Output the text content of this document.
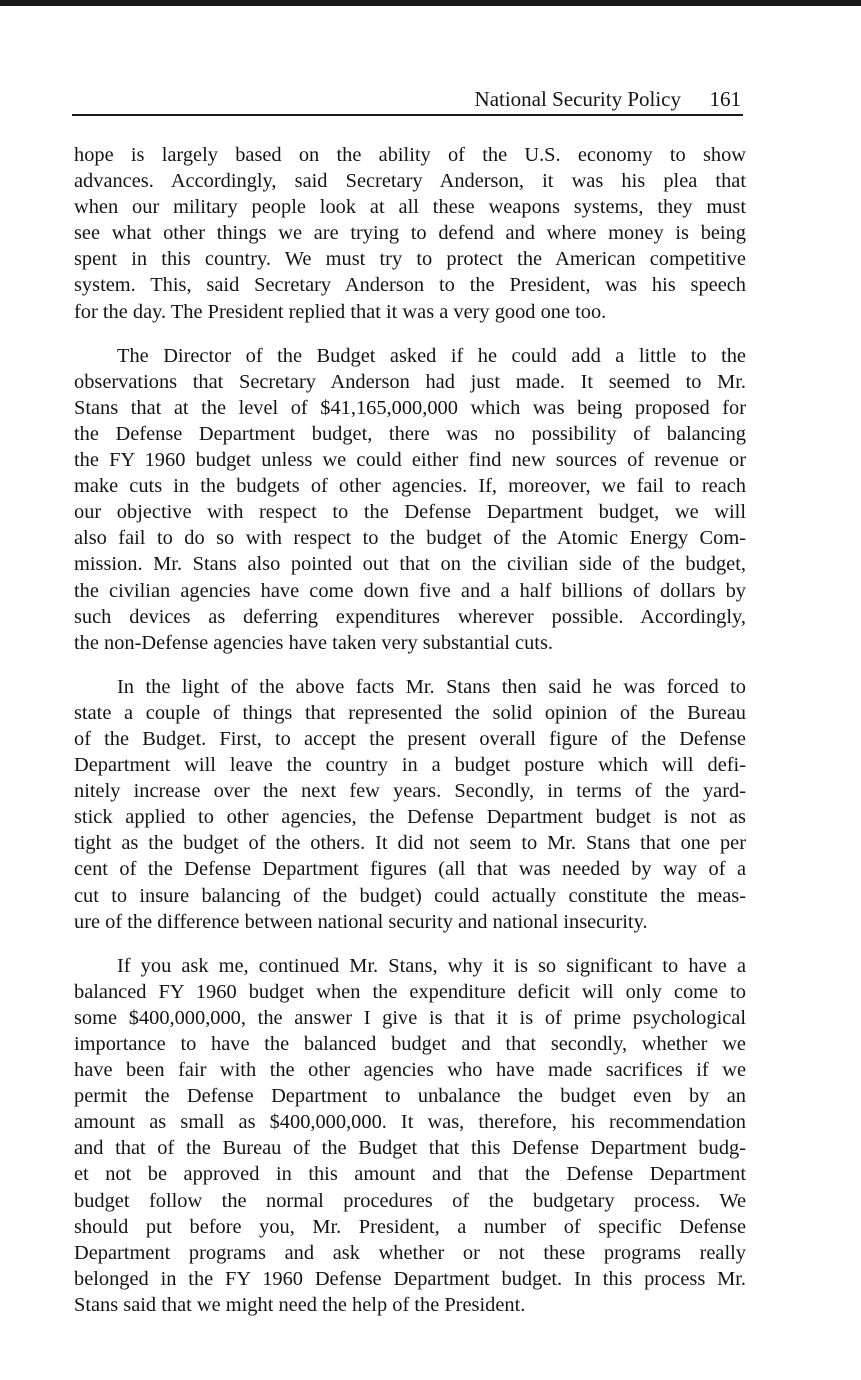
National Security Policy 161

hope is largely based on the ability of the U.S. economy to show
advances. Accordingly, said Secretary Anderson, it was his plea that
when our military people look at all these weapons systems, they must
see what other things we are trying to defend and where money is being
spent in this country. We must try to protect the American competitive
system. This, said Secretary Anderson to the President, was his speech
for the day. The President replied that it was a very good one too.

The Director of the Budget asked if he could add a little to the
observations that Secretary Anderson had just made. It seemed to Mr.
Stans that at the level of $41,165,000,000 which was being proposed for
the Defense Department budget, there was no possibility of balancing
the FY 1960 budget unless we could either find new sources of revenue or
make cuts in the budgets of other agencies. If, moreover, we fail to reach
our objective with respect to the Defense Department budget, we will
also fail to do so with respect to the budget of the Atomic Energy Com-
mission. Mr. Stans also pointed out that on the civilian side of the budget,
the civilian agencies have come down five and a half billions of dollars by
such devices as deferring expenditures wherever possible. Accordingly,
the non-Defense agencies have taken very substantial cuts.

In the light of the above facts Mr. Stans then said he was forced to
state a couple of things that represented the solid opinion of the Bureau
of the Budget. First, to accept the present overall figure of the Defense
Department will leave the country in a budget posture which will defi-
nitely increase over the next few years. Secondly, in terms of the yard-
stick applied to other agencies, the Defense Department budget is not as
tight as the budget of the others. It did not seem to Mr. Stans that one per
cent of the Defense Department figures (all that was needed by way of a
cut to insure balancing of the budget) could actually constitute the meas-
ure of the difference between national security and national insecurity.

If you ask me, continued Mr. Stans, why it is so significant to have a
balanced FY 1960 budget when the expenditure deficit will only come to
some $400,000,000, the answer I give is that it is of prime psychological
importance to have the balanced budget and that secondly, whether we
have been fair with the other agencies who have made sacrifices if we
permit the Defense Department to unbalance the budget even by an
amount as small as $400,000,000. It was, therefore, his recommendation
and that of the Bureau of the Budget that this Defense Department budg-
et not be approved in this amount and that the Defense Department
budget follow the normal procedures of the budgetary process. We
should put before you, Mr. President, a number of specific Defense
Department programs and ask whether or not these programs really
belonged in the FY 1960 Defense Department budget. In this process Mr.
Stans said that we might need the help of the President.
